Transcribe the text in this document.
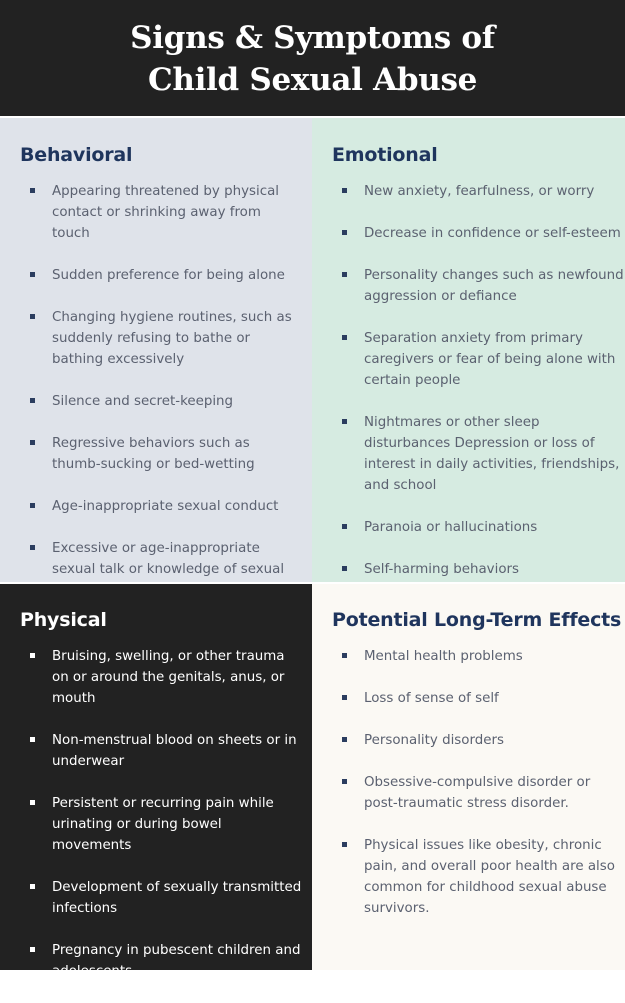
Signs & Symptoms of
Child Sexual Abuse
Behavioral
Appearing threatened by physical contact or shrinking away from touch
Sudden preference for being alone
Changing hygiene routines, such as suddenly refusing to bathe or bathing excessively
Silence and secret-keeping
Regressive behaviors such as thumb-sucking or bed-wetting
Age-inappropriate sexual conduct
Excessive or age-inappropriate sexual talk or knowledge of sexual
Emotional
New anxiety, fearfulness, or worry
Decrease in confidence or self-esteem
Personality changes such as newfound aggression or defiance
Separation anxiety from primary caregivers or fear of being alone with certain people
Nightmares or other sleep disturbances Depression or loss of interest in daily activities, friendships, and school
Paranoia or hallucinations
Self-harming behaviors
Physical
Bruising, swelling, or other trauma on or around the genitals, anus, or mouth
Non-menstrual blood on sheets or in underwear
Persistent or recurring pain while urinating or during bowel movements
Development of sexually transmitted infections
Pregnancy in pubescent children and adolescents
Potential Long-Term Effects
Mental health problems
Loss of sense of self
Personality disorders
Obsessive-compulsive disorder or post-traumatic stress disorder.
Physical issues like obesity, chronic pain, and overall poor health are also common for childhood sexual abuse survivors.
